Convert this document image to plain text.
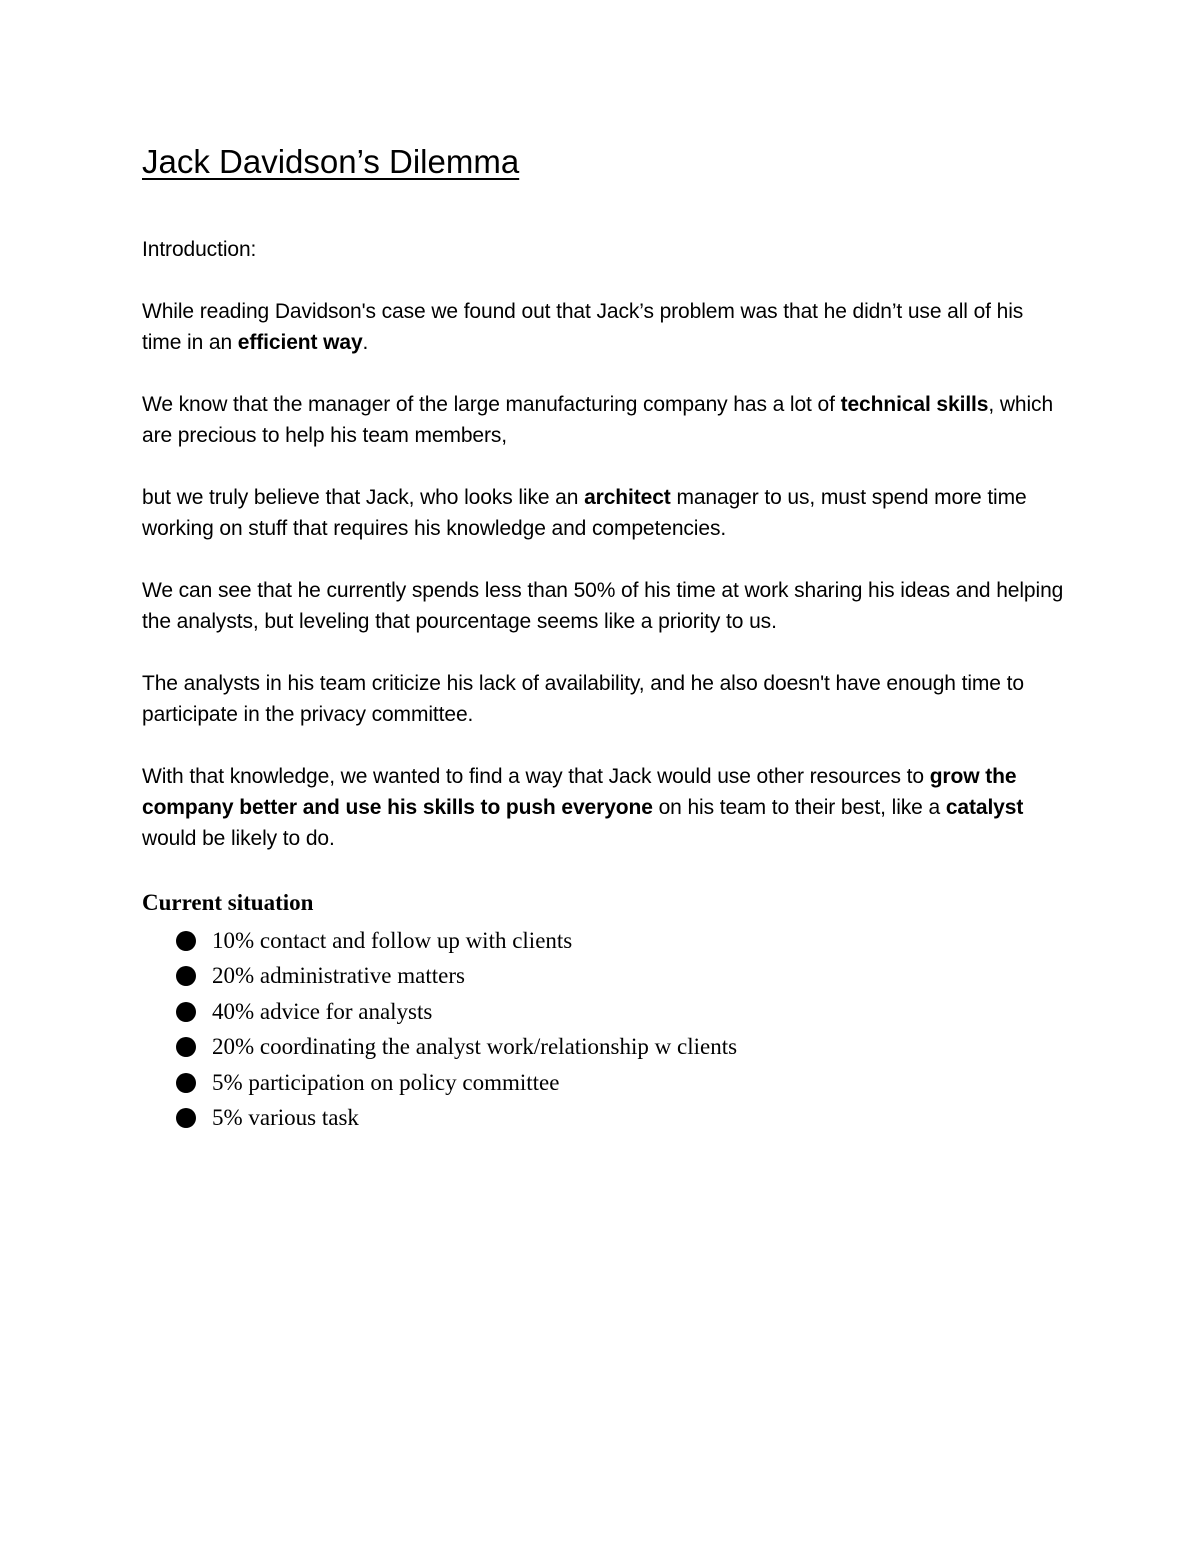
Jack Davidson’s Dilemma

Introduction:

While reading Davidson's case we found out that Jack’s problem was that he didn’t use all of his time in an efficient way.

We know that the manager of the large manufacturing company has a lot of technical skills, which are precious to help his team members,

but we truly believe that Jack, who looks like an architect manager to us, must spend more time working on stuff that requires his knowledge and competencies.

We can see that he currently spends less than 50% of his time at work sharing his ideas and helping the analysts, but leveling that pourcentage seems like a priority to us.

The analysts in his team criticize his lack of availability, and he also doesn't have enough time to participate in the privacy committee.

With that knowledge, we wanted to find a way that Jack would use other resources to grow the company better and use his skills to push everyone on his team to their best, like a catalyst would be likely to do.

Current situation
10% contact and follow up with clients
20% administrative matters
40% advice for analysts
20% coordinating the analyst work/relationship w clients
5% participation on policy committee
5% various task
